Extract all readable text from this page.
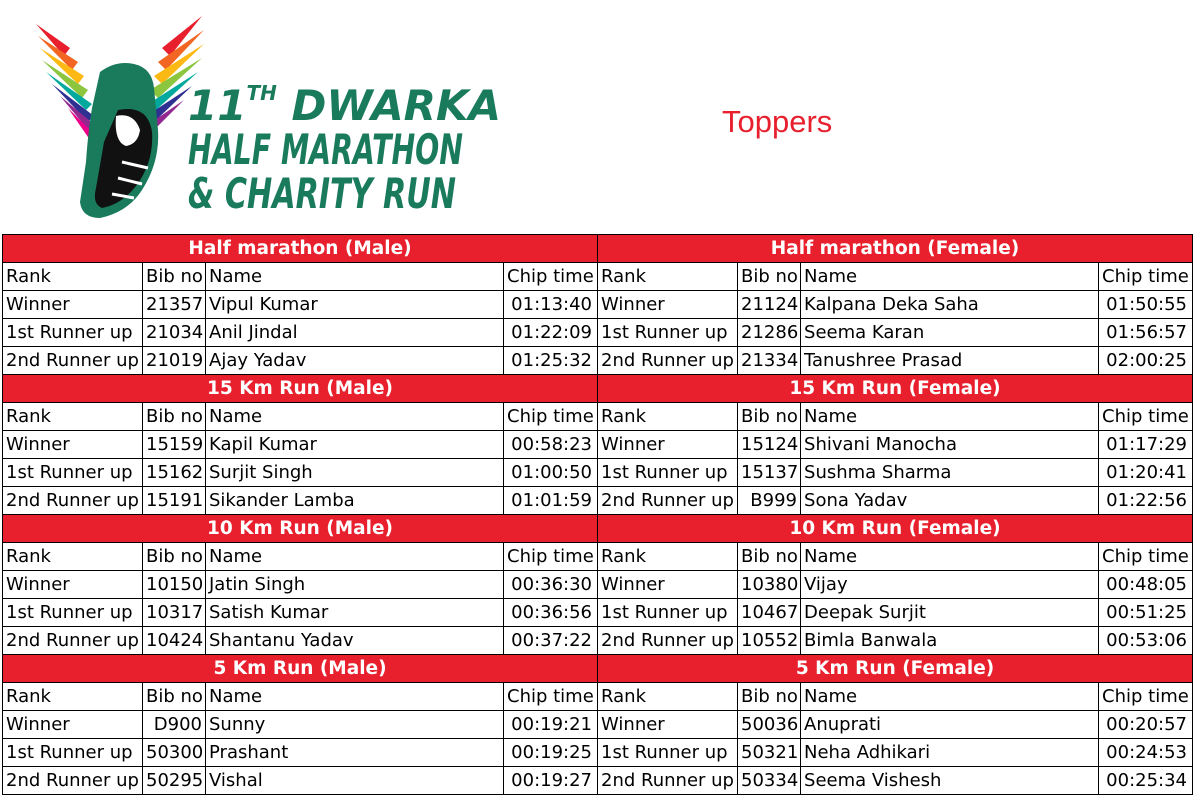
11TH DWARKA
HALF MARATHON
& CHARITY RUN
Toppers
Half marathon (Male)				Half marathon (Female)			
Rank	Bib no	Name	Chip time	Rank	Bib no	Name	Chip time
Winner	21357	Vipul Kumar	01:13:40	Winner	21124	Kalpana Deka Saha	01:50:55
1st Runner up	21034	Anil Jindal	01:22:09	1st Runner up	21286	Seema Karan	01:56:57
2nd Runner up	21019	Ajay Yadav	01:25:32	2nd Runner up	21334	Tanushree Prasad	02:00:25
15 Km Run (Male)				15 Km Run (Female)			
Rank	Bib no	Name	Chip time	Rank	Bib no	Name	Chip time
Winner	15159	Kapil Kumar	00:58:23	Winner	15124	Shivani Manocha	01:17:29
1st Runner up	15162	Surjit Singh	01:00:50	1st Runner up	15137	Sushma Sharma	01:20:41
2nd Runner up	15191	Sikander Lamba	01:01:59	2nd Runner up	B999	Sona Yadav	01:22:56
10 Km Run (Male)				10 Km Run (Female)			
Rank	Bib no	Name	Chip time	Rank	Bib no	Name	Chip time
Winner	10150	Jatin Singh	00:36:30	Winner	10380	Vijay	00:48:05
1st Runner up	10317	Satish Kumar	00:36:56	1st Runner up	10467	Deepak Surjit	00:51:25
2nd Runner up	10424	Shantanu Yadav	00:37:22	2nd Runner up	10552	Bimla Banwala	00:53:06
5 Km Run (Male)				5 Km Run (Female)			
Rank	Bib no	Name	Chip time	Rank	Bib no	Name	Chip time
Winner	D900	Sunny	00:19:21	Winner	50036	Anuprati	00:20:57
1st Runner up	50300	Prashant	00:19:25	1st Runner up	50321	Neha Adhikari	00:24:53
2nd Runner up	50295	Vishal	00:19:27	2nd Runner up	50334	Seema Vishesh	00:25:34
